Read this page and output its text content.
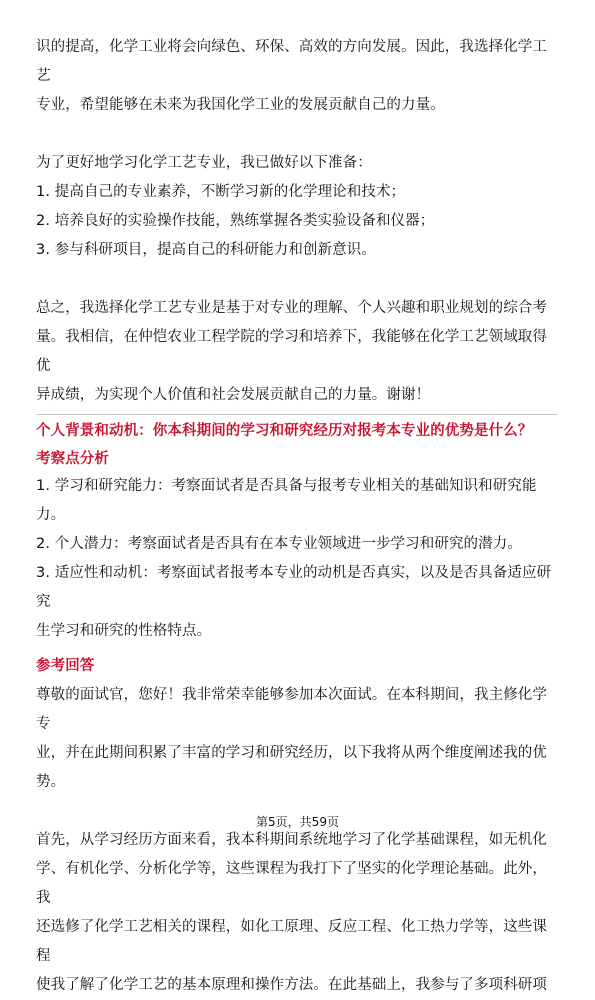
识的提高，化学工业将会向绿色、环保、高效的方向发展。因此，我选择化学工艺

专业，希望能够在未来为我国化学工业的发展贡献自己的力量。

为了更好地学习化学工艺专业，我已做好以下准备：

1. 提高自己的专业素养，不断学习新的化学理论和技术；

2. 培养良好的实验操作技能，熟练掌握各类实验设备和仪器；

3. 参与科研项目，提高自己的科研能力和创新意识。

总之，我选择化学工艺专业是基于对专业的理解、个人兴趣和职业规划的综合考

量。我相信，在仲恺农业工程学院的学习和培养下，我能够在化学工艺领域取得优

异成绩，为实现个人价值和社会发展贡献自己的力量。谢谢！

个人背景和动机：你本科期间的学习和研究经历对报考本专业的优势是什么？

考察点分析

1. 学习和研究能力：考察面试者是否具备与报考专业相关的基础知识和研究能力。

2. 个人潜力：考察面试者是否具有在本专业领域进一步学习和研究的潜力。

3. 适应性和动机：考察面试者报考本专业的动机是否真实，以及是否具备适应研究

生学习和研究的性格特点。

参考回答

尊敬的面试官，您好！我非常荣幸能够参加本次面试。在本科期间，我主修化学专

业，并在此期间积累了丰富的学习和研究经历，以下我将从两个维度阐述我的优

势。

首先，从学习经历方面来看，我本科期间系统地学习了化学基础课程，如无机化

学、有机化学、分析化学等，这些课程为我打下了坚实的化学理论基础。此外，我

还选修了化学工艺相关的课程，如化工原理、反应工程、化工热力学等，这些课程

使我了解了化学工艺的基本原理和操作方法。在此基础上，我参与了多项科研项

第5页，共59页
